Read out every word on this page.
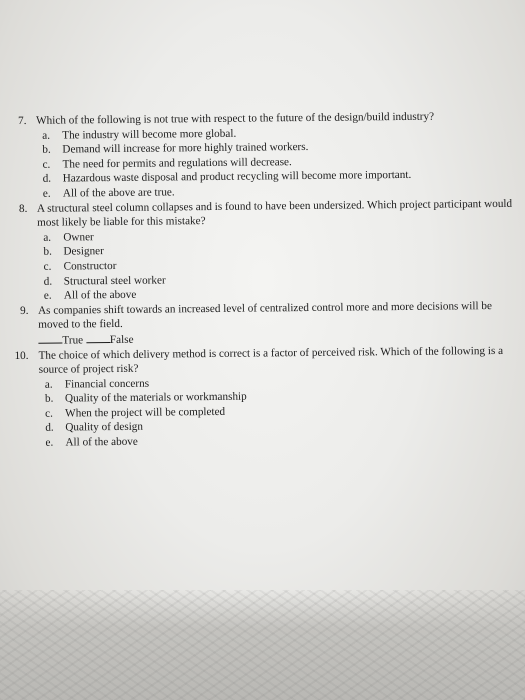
7. Which of the following is not true with respect to the future of the design/build industry?
a. The industry will become more global.
b. Demand will increase for more highly trained workers.
c. The need for permits and regulations will decrease.
d. Hazardous waste disposal and product recycling will become more important.
e. All of the above are true.
8. A structural steel column collapses and is found to have been undersized. Which project participant would most likely be liable for this mistake?
a. Owner
b. Designer
c. Constructor
d. Structural steel worker
e. All of the above
9. As companies shift towards an increased level of centralized control more and more decisions will be moved to the field.
True False
10. The choice of which delivery method is correct is a factor of perceived risk. Which of the following is a source of project risk?
a. Financial concerns
b. Quality of the materials or workmanship
c. When the project will be completed
d. Quality of design
e. All of the above
